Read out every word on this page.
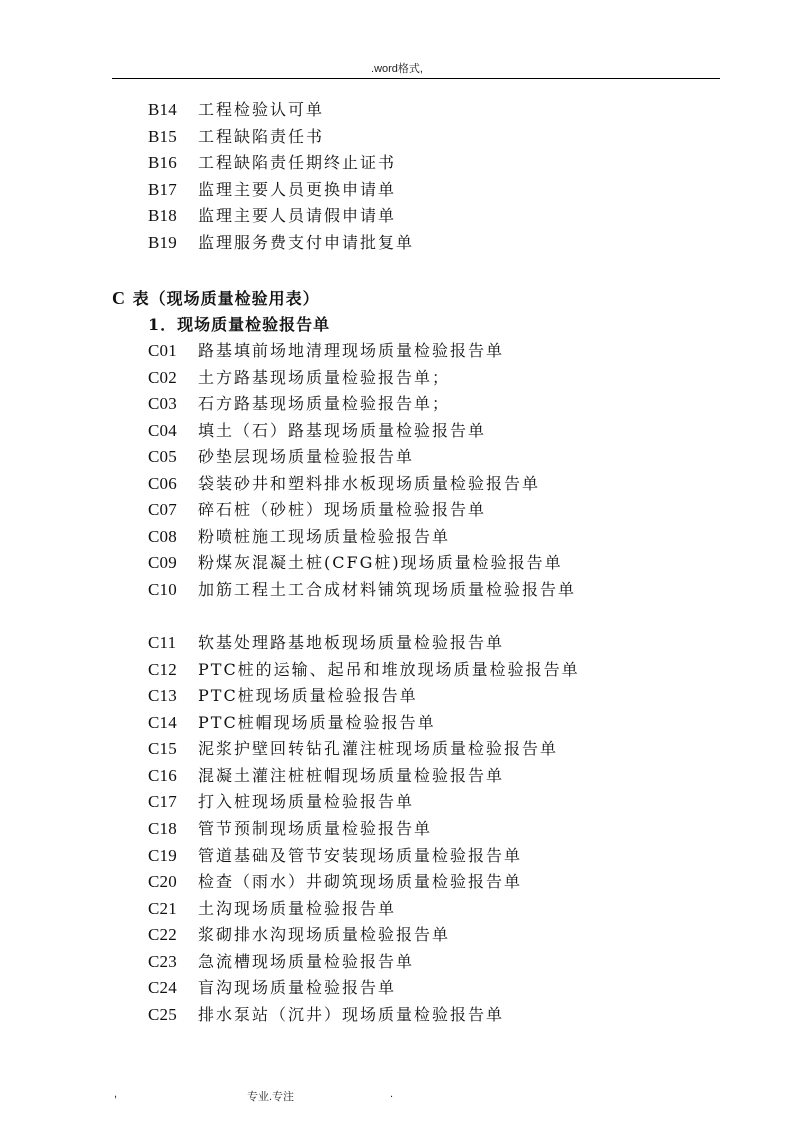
.word格式,
B14 工程检验认可单
B15 工程缺陷责任书
B16 工程缺陷责任期终止证书
B17 监理主要人员更换申请单
B18 监理主要人员请假申请单
B19 监理服务费支付申请批复单
C 表（现场质量检验用表）
1．现场质量检验报告单
C01 路基填前场地清理现场质量检验报告单
C02 土方路基现场质量检验报告单；
C03 石方路基现场质量检验报告单；
C04 填土（石）路基现场质量检验报告单
C05 砂垫层现场质量检验报告单
C06 袋装砂井和塑料排水板现场质量检验报告单
C07 碎石桩（砂桩）现场质量检验报告单
C08 粉喷桩施工现场质量检验报告单
C09 粉煤灰混凝土桩(CFG桩)现场质量检验报告单
C10 加筋工程土工合成材料铺筑现场质量检验报告单
C11 软基处理路基地板现场质量检验报告单
C12 PTC桩的运输、起吊和堆放现场质量检验报告单
C13 PTC桩现场质量检验报告单
C14 PTC桩帽现场质量检验报告单
C15 泥浆护壁回转钻孔灌注桩现场质量检验报告单
C16 混凝土灌注桩桩帽现场质量检验报告单
C17 打入桩现场质量检验报告单
C18 管节预制现场质量检验报告单
C19 管道基础及管节安装现场质量检验报告单
C20 检查（雨水）井砌筑现场质量检验报告单
C21 土沟现场质量检验报告单
C22 浆砌排水沟现场质量检验报告单
C23 急流槽现场质量检验报告单
C24 盲沟现场质量检验报告单
C25 排水泵站（沉井）现场质量检验报告单
,	专业.专注	.
